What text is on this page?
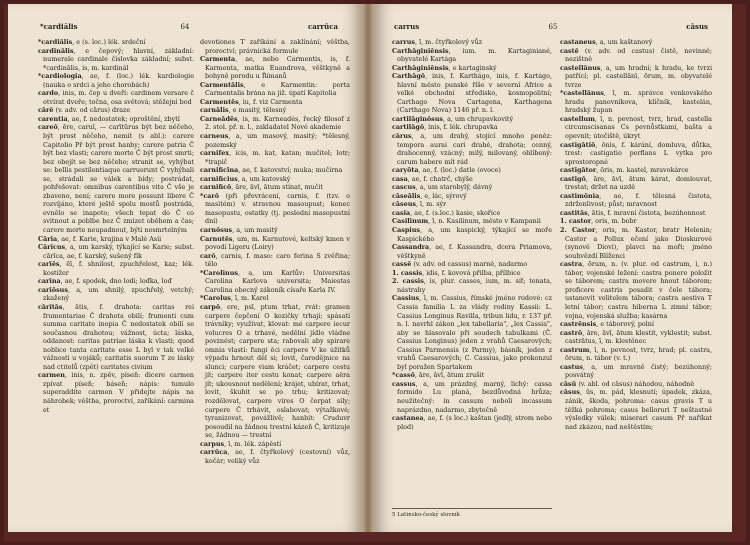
*cardiălis	64	carrūca

*cardiălis, e (s. loc.) lék. srdeční

cardinālis, e čepový; hlavní, základní: numerale cardinale číslovka základní; subst. *cardinālis, is, m. kardinál

*cardiologia, ae, f. (loc.) lék. kardiologie (nauka o srdci a jeho chorobách)

cardo, inis, m. čep u dveří: cardinem versare č otvírat dveře; točna, osa světová; stěžejní bod

cārē (v. adv. od cārus) draze

carentia, ae, f. nedostatek; oproštění, zbytí

careō, ēre, caruī, — carītūrus být bez něčeho, být prost něčeho, nemít (s abl.): carere Capitolio Př být prost hanby; carere patria Č být bez vlasti; carere morte Č být prost smrti; bez obejít se bez něčeho; stranit se, vyhýbat se: bellis pestilentiaque carruerunt Č vyhýbali se, strádali se válek a bídy; postrádat, pohřešovat: omnibus carentibus vita Č vše je zbaveno, není; carere more possunt libere Č rozvíjáno, které ještě spolu mostů postrádá, evnělo se inapoto; všech tepat do Č co svitnout a poblbe bez Č zmizet oběhem a čas; carere morte neupadnout, býti nesmrtelným

Cāria, ae, f. Karie, krajina v Malé Asii

Cārīcus, a, um karský, týkající se Karie; subst. cārīca, ae, f. karský, sušený fík

carīēs, ēī, f. shnilost, zpuchřelost, kaz; lék. kostižer

carīna, ae, f. spodek, dno lodi; loďka, loď

carīōsus, a, um shnilý, zpuchřelý, vetchý; zkažený

cārĭtās, ātis, f. drahota: caritas rei frumentariae Č drahota obilí; frumenti cum summa caritate inopia Č nedostatek obilí se současnou drahotou; vážnost, úcta; láska, oddanost: caritas patriae láska k vlasti; quod noblice tanta caritate esse L byl v tak velké vážnosti u vojáků; caritatis suorum T ze lásky nad ctitelů (zpět) caritates civium

carmen, inis, n. zpěv, píseň: dicere carmen zpívat píseň; báseň; nápis: tumulo superaddite carmen V přidejte nápis na náhrobek; věštba, proroctví, zaříkání: carmina et

devotiones T zaříkání a zaklínání; věštba, proroctví; právnická formule

Carmenta, ae, nebo Carmentis, is, f. Karmenta, matka Euandrova, věštkyně a bohyně porodu u Římanů

Carmentālis, e Karmentin: porta Carmentalis brána na již. úpatí Kapitolia

Carmentēs, iu, f. viz Carmenta

carnālis, e masitý, tělesný

Carneădēs, is, m. Karneadés, řecký filosof z 2. stol. př. n. l., zakladatel Nové akademie

carneus, a, um masový, masitý; *tělesný, pozemský

carnifex, icis, m. kat, katan; mučitel; lotr; *trapič

carnificīna, ae, f. katovství; muka; mučírna

carnificius, a, um katovský

carnificō, āre, āvī, ātum stínat, mučit

*carō (při převrácení, carnis, f. (tzv. o masitém) v. stravnou masoupust; konec masopustu, ostatky (tj. poslední masopustní dni)

carnōsus, a, um masitý

Carnutēs, um, m. Karnutové, keltský kmen v povodí Ligeru (Loiry)

carō, carnis, f. maso: caro ferina S zvěřina; tělo

*Carolīnus, a, um Karlův: Universitas Carolina Karlova universita; Maiestas Carolina obecný zákoník císaře Karla IV.

*Carolus, ī, m. Karel

carpō, ere, psī, ptum trhat, rvát: gramen carpere čepčení O kozičky trhají; spásati trávníky; využívat, klovat: mé carpere iecur volucres O a trhavé, nedělní jídlo vládne povznést; carpere sta; rabovali aby spirare omnia vlastí: fungi ěci carpere V ke úžítků výpadu hrnout děl si; lovit, čarodějnice na slunci; carpere viam kráčet; carpere cestu jít; carpere iter cestu konat; carpere aëra jít; ukousnout nedělení; krájet, ubírat, trhat, lovit, škubit se po trhu; kritizovat; rozdělovat, carpere vires O čerpat síly; carpere Č trhávit, oslabovat; výtažkové; tyranizovat, povážlivě; hanbit: Cruduvr posoudil na žádnou trestní kázeň Č, kritizuje se, žádnou — trestní

carpus, ī, m. lék. zápěstí

carrūca, ae, f. čtyřkolový (cestovní) vůz, kočár; veliký vůz

carrus	65	cāsus

carrus, ī, m. čtyřkolový vůz

Carthāginiēnsis, ium. m. Kartaginiané, obyvatelé Kartága

Carthāginiēnsis, e kartaginský

Carthāgō, inis, f. Karthágo, inis, f. Kartágo, hlavní město punské říše v severní Africe a velké obchodní středisko, kosmopolitní; Carthago Nova Cartagena, Karthagena (Carthago Nova) 1146 př. n. l.

cartilāginōsus, a, um chrupavkovitý

cartilāgō, inis, f. lék. chrupavka

cārus, a, um drahý, stojící mnoho peněz: tempora aurai cari drahé, drahota; cenný, drahocenný, vzácný; milý, milovaný, oblíbený: carum habere mít rád

caryōta, ae, f. (loc.) datle (ovoce)

casa, ae, f. chatrč, chýše

cascus, a, um starobylý, dávný

cāseālis, e, lác, sýrový

cāseus, ī, m. sýr

casia, ae, f. (s.loc.) kasie, skořice

Casilīnum, ī, n. Kasilinum, město v Kampanii

Caspius, a, um kaspický, týkající se moře Kaspického

Cassandra, ae, f. Kassandra, dcera Priamova, věštkyně

cassē (v. adv. od cassus) marně, nadarmo

1. cassis, idis, f. kovová přilba, přílbice

2. cassis, is, plur. casses, ium, m. síť; tenata, nástrahy

Cassius, ī, m. Cassius, římské jméno rodové: cz Cassia familia L za vlády rodiny Kassii: L. Cassius Longinus Ravilla, tribun lidu, r. 137 př. n. l. navrhl zákon „lex tabellaria", „lex Cassia", aby se hlasovalo při soudech tabulkami (Č. Cassius Longinus) jeden z vrahů Caesarových; Cassius Parmensis (z Parmy), básník, jeden z vrahů Caesarových; C. Cassius, jako prokonzul byl poražen Spartakem

*cassō, āre, āvī, ātum zrušit

cassus, a, um prázdný, marný, lichý: cassa formido Lu planá, bezdůvodná hrůza; neužitečný: in cassum neboli incassum naprázdno, nadarmo, zbytečně

castanea, ae, f. (s loc.) kaštan (jedlý, strom nebo plod)

castaneus, a, um kaštanový

castē (v. adv. od castus) čistě, nevinně; nezištně

castellānus, a, um hradní; k hradu, ke tvrzi patřící; pl. castellānī, ōrum, m. obyvatelé tvrze

*castellānus, ī, m. správce venkovského hradu panovníkova, klíčník, kastelán, hradský župan

castellum, ī, n. pevnost, tvrz, hrad, castella circumscisanas Cs pevnůstkami, bašta a opevnit; útočiště, úkryt

castīgātiō, ōnis, f. kárání, domluva, důtka, trest: castigatio perflans L vytka pro sprostoropné

castīgātor, ōris, m. kastel, mravokárce

castīgō, āre, āvī, ātum kárat, domlouvat, trestat; držet na uzdě

castimōnia, ae, f. tělesná čistota, zdrženlivost; půst; mravnost

castitās, ātis, f. mravní čistota, bezúhonnost

1. castor, oris, m. bobr

2. Castor, oris, m. Kastor, bratr Helenin; Castor a Pollux ečení jako Dioskurové (synové Diovi), plavci na moři; jméno souhvězdí Blíženci

castra, ōrum, n. (v. plur. od castrum, i, n.) tábor, vojenské ležení: castra ponere položit se táborem; castra movere hnout táborem; proficere castris posadit v čele tábora; ustanovit velitelem tábora; castra aestiva T letní tábor; castra hiberna L zimní tábor; vojna, vojenská služba; kasárna

castrēnsis, e táborový, polní

castrō, āre, āvī, ātum klestit, vyklestit; subst. castrātus, ī, m. klestěnec

castrum, ī, n. pevnost, tvrz, hrad; pl. castra, ōrum, n. tábor (v. t.)

castus, a, um mravně čistý; bezúhonný; posvátný

cāsū (v. abl. od cāsus) náhodou, náhodně

cāsus, ūs, m. pád, klesnutí; úpadek, zkáza, zánik, škoda, pohroma: casus gravis T u těžká pohroma; casus belloruri T neštastné výsledky válek; miserari casum Př naříkat nad zkázou, nad neštěstím;

5 Latinsko-český slovník
